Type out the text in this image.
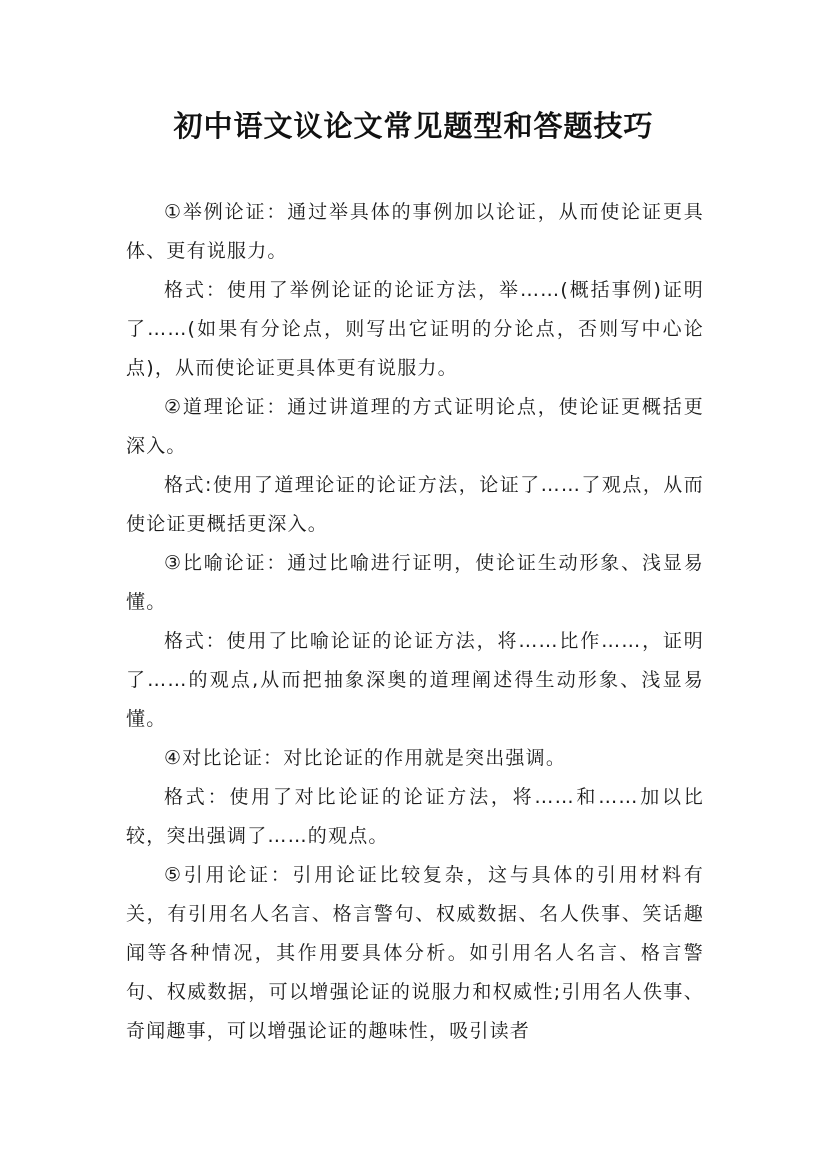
初中语文议论文常见题型和答题技巧

①举例论证：通过举具体的事例加以论证，从而使论证更具体、更有说服力。

格式：使用了举例论证的论证方法，举……(概括事例)证明了……(如果有分论点，则写出它证明的分论点，否则写中心论点)，从而使论证更具体更有说服力。

②道理论证：通过讲道理的方式证明论点，使论证更概括更深入。

格式:使用了道理论证的论证方法，论证了……了观点，从而使论证更概括更深入。

③比喻论证：通过比喻进行证明，使论证生动形象、浅显易懂。

格式：使用了比喻论证的论证方法，将……比作……，证明了……的观点,从而把抽象深奥的道理阐述得生动形象、浅显易懂。

④对比论证：对比论证的作用就是突出强调。

格式：使用了对比论证的论证方法，将……和……加以比较，突出强调了……的观点。

⑤引用论证：引用论证比较复杂，这与具体的引用材料有关，有引用名人名言、格言警句、权威数据、名人佚事、笑话趣闻等各种情况，其作用要具体分析。如引用名人名言、格言警句、权威数据，可以增强论证的说服力和权威性;引用名人佚事、奇闻趣事，可以增强论证的趣味性，吸引读者
